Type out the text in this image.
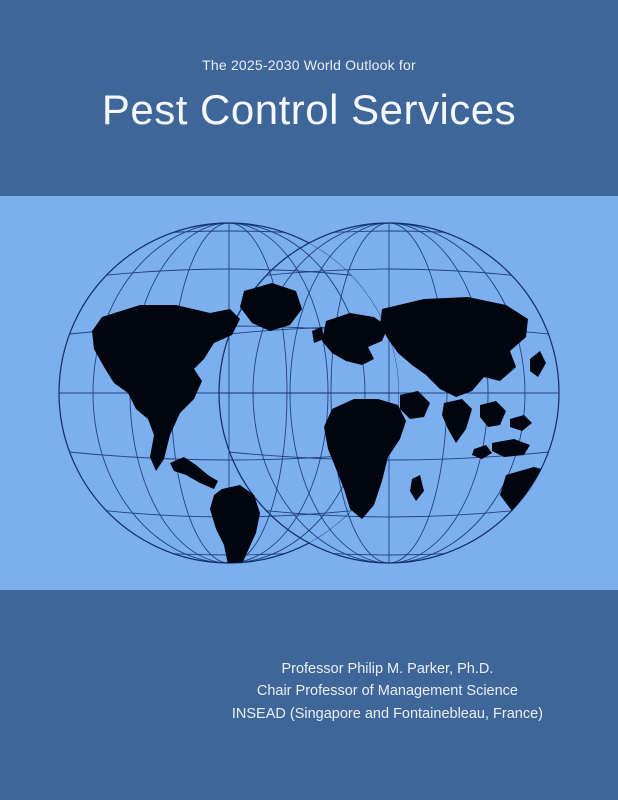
The 2025-2030 World Outlook for
Pest Control Services
Professor Philip M. Parker, Ph.D.
Chair Professor of Management Science
INSEAD (Singapore and Fontainebleau, France)
